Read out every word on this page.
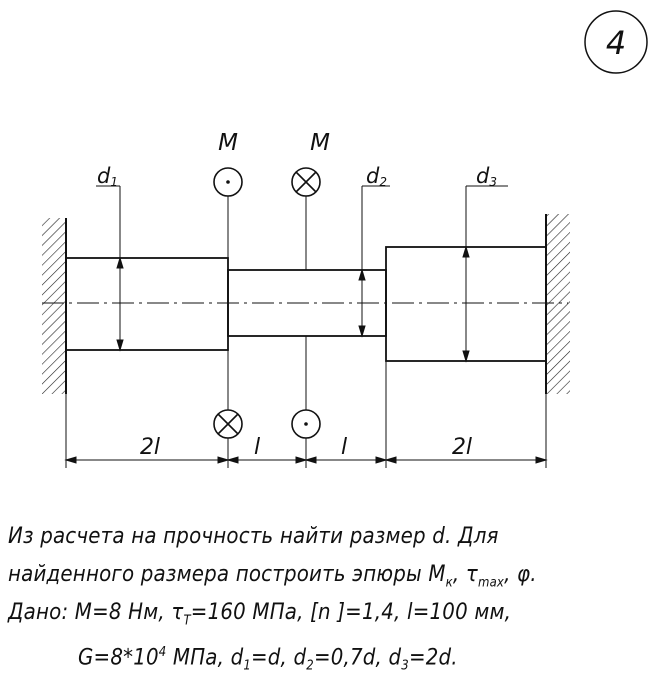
4
d1	d2	d3
M	M
2l	l	l	2l
Из расчета на прочность найти размер d. Для
найденного размера построить эпюры $M_к$, $\tau_{max}$, φ.
Дано: M=8 Нм, $\tau_T=160$ МПа, [n ]=1,4, l=100 мм,
$G=8*10^4$ МПа, $d_1=d$, $d_2=0,7d$, $d_3=2d$.
